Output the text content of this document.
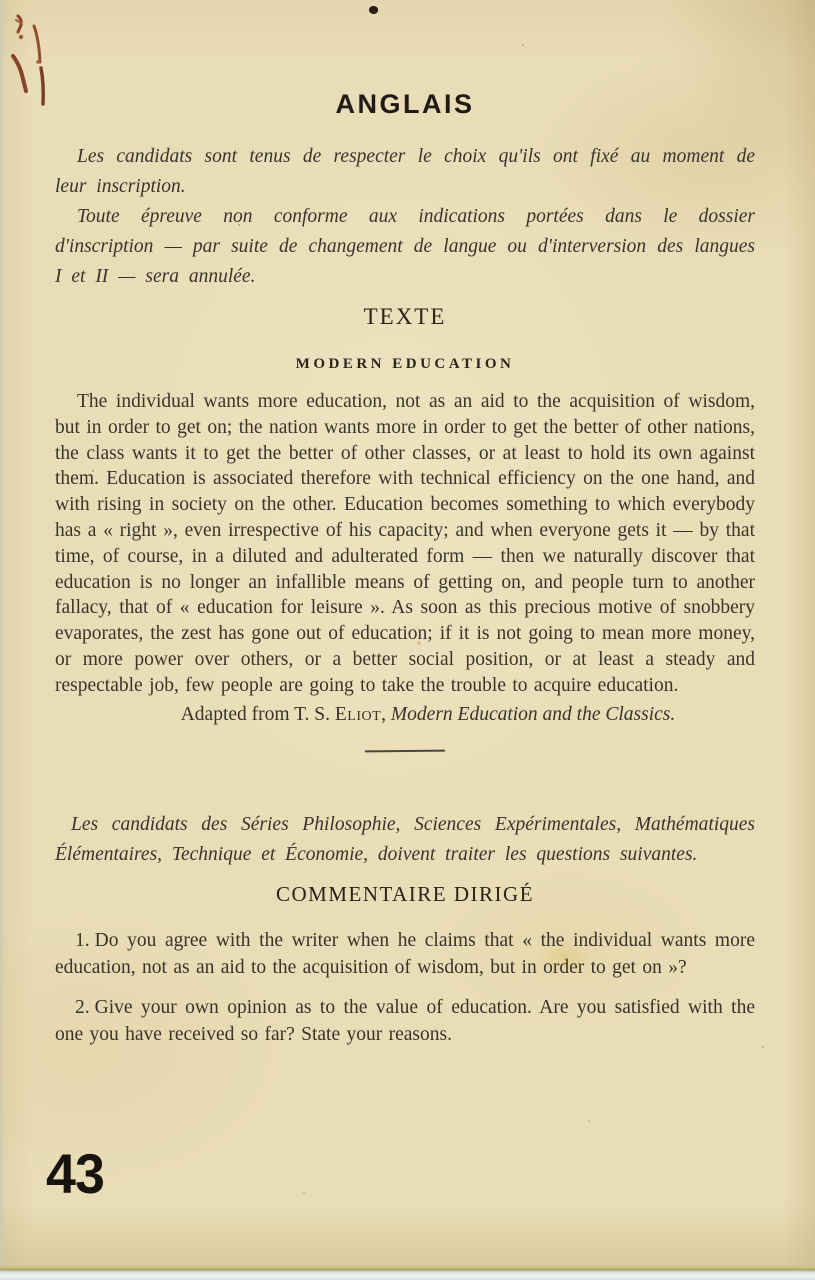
ANGLAIS

Les candidats sont tenus de respecter le choix qu'ils ont fixé au moment de leur inscription.

Toute épreuve non conforme aux indications portées dans le dossier d'inscription — par suite de changement de langue ou d'interversion des langues I et II — sera annulée.

TEXTE
MODERN EDUCATION

The individual wants more education, not as an aid to the acquisition of wisdom, but in order to get on; the nation wants more in order to get the better of other nations, the class wants it to get the better of other classes, or at least to hold its own against them. Education is associated therefore with technical efficiency on the one hand, and with rising in society on the other. Education becomes something to which everybody has a « right », even irrespective of his capacity; and when everyone gets it — by that time, of course, in a diluted and adulterated form — then we naturally discover that education is no longer an infallible means of getting on, and people turn to another fallacy, that of « education for leisure ». As soon as this precious motive of snobbery evaporates, the zest has gone out of education; if it is not going to mean more money, or more power over others, or a better social position, or at least a steady and respectable job, few people are going to take the trouble to acquire education.

Adapted from T. S. Eliot, Modern Education and the Classics.

Les candidats des Séries Philosophie, Sciences Expérimentales, Mathématiques Élémentaires, Technique et Économie, doivent traiter les questions suivantes.

COMMENTAIRE DIRIGÉ

1. Do you agree with the writer when he claims that « the individual wants more education, not as an aid to the acquisition of wisdom, but in order to get on »?

2. Give your own opinion as to the value of education. Are you satisfied with the one you have received so far? State your reasons.

43
